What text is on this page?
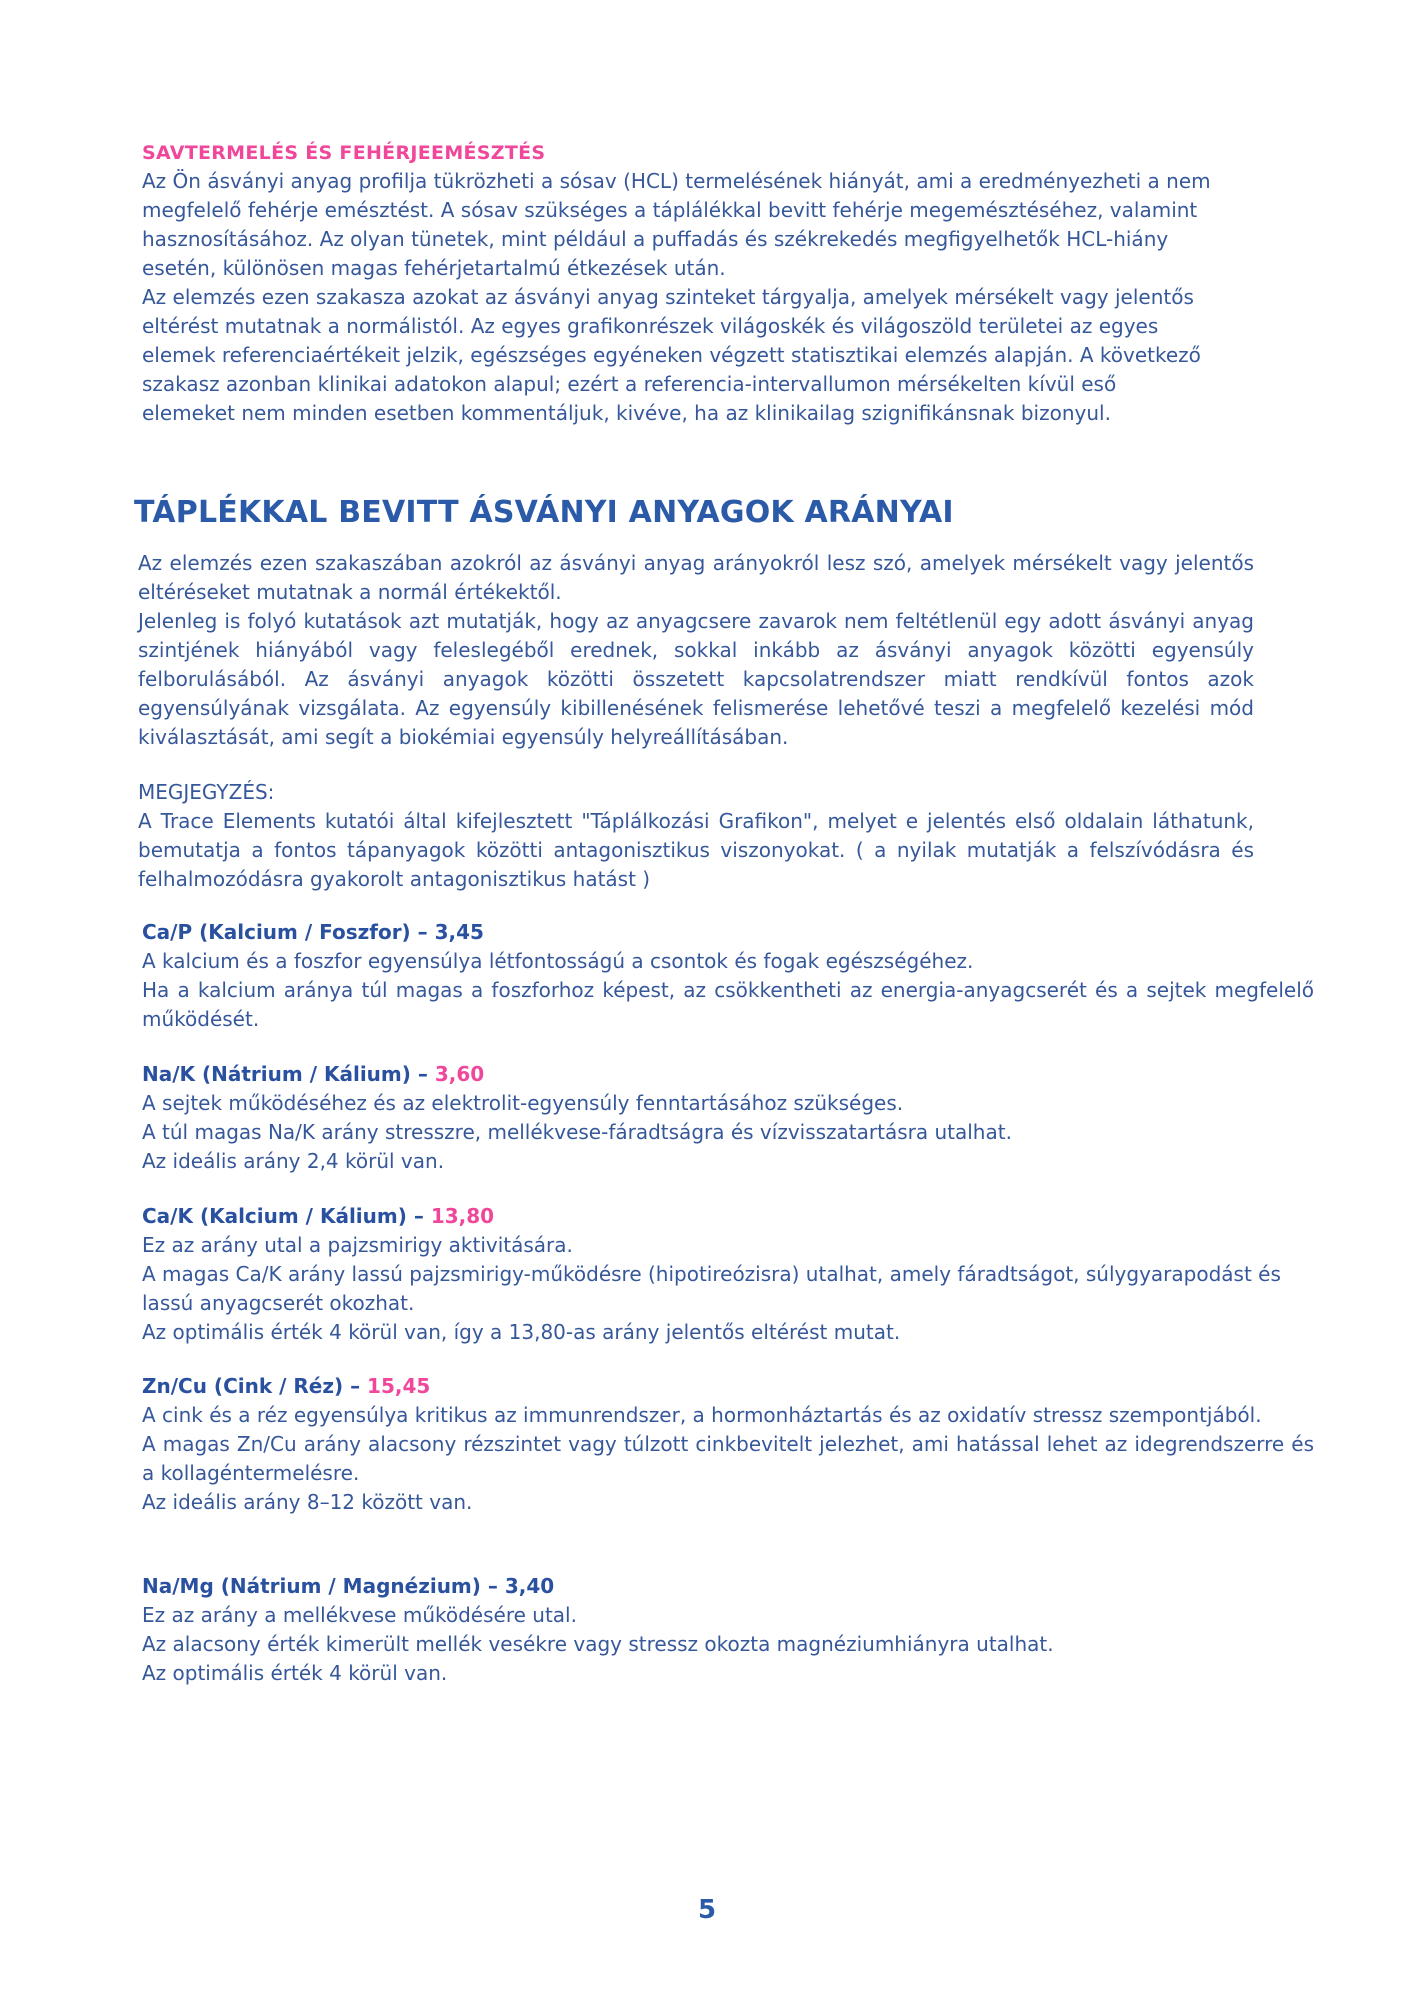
SAVTERMELÉS ÉS FEHÉRJEEMÉSZTÉS

Az Ön ásványi anyag profilja tükrözheti a sósav (HCL) termelésének hiányát, ami a eredményezheti a nem

megfelelő fehérje emésztést. A sósav szükséges a táplálékkal bevitt fehérje megemésztéséhez, valamint

hasznosításához. Az olyan tünetek, mint például a puffadás és székrekedés megfigyelhetők HCL-hiány

esetén, különösen magas fehérjetartalmú étkezések után.

Az elemzés ezen szakasza azokat az ásványi anyag szinteket tárgyalja, amelyek mérsékelt vagy jelentős

eltérést mutatnak a normálistól. Az egyes grafikonrészek világoskék és világoszöld területei az egyes

elemek referenciaértékeit jelzik, egészséges egyéneken végzett statisztikai elemzés alapján. A következő

szakasz azonban klinikai adatokon alapul; ezért a referencia-intervallumon mérsékelten kívül eső

elemeket nem minden esetben kommentáljuk, kivéve, ha az klinikailag szignifikánsnak bizonyul.

TÁPLÉKKAL BEVITT ÁSVÁNYI ANYAGOK ARÁNYAI

Az elemzés ezen szakaszában azokról az ásványi anyag arányokról lesz szó, amelyek mérsékelt vagy jelentős eltéréseket mutatnak a normál értékektől.

Jelenleg is folyó kutatások azt mutatják, hogy az anyagcsere zavarok nem feltétlenül egy adott ásványi anyag szintjének hiányából vagy feleslegéből erednek, sokkal inkább az ásványi anyagok közötti egyensúly felborulásából. Az ásványi anyagok közötti összetett kapcsolatrendszer miatt rendkívül fontos azok egyensúlyának vizsgálata. Az egyensúly kibillenésének felismerése lehetővé teszi a megfelelő kezelési mód kiválasztását, ami segít a biokémiai egyensúly helyreállításában.

MEGJEGYZÉS:

A Trace Elements kutatói által kifejlesztett "Táplálkozási Grafikon", melyet e jelentés első oldalain láthatunk, bemutatja a fontos tápanyagok közötti antagonisztikus viszonyokat. ( a nyilak mutatják a felszívódásra és felhalmozódásra gyakorolt antagonisztikus hatást )

Ca/P (Kalcium / Foszfor) – 3,45

A kalcium és a foszfor egyensúlya létfontosságú a csontok és fogak egészségéhez.

Ha a kalcium aránya túl magas a foszforhoz képest, az csökkentheti az energia-anyagcserét és a sejtek megfelelő működését.

Na/K (Nátrium / Kálium) – 3,60

A sejtek működéséhez és az elektrolit-egyensúly fenntartásához szükséges.

A túl magas Na/K arány stresszre, mellékvese-fáradtságra és vízvisszatartásra utalhat.

Az ideális arány 2,4 körül van.

Ca/K (Kalcium / Kálium) – 13,80

Ez az arány utal a pajzsmirigy aktivitására.

A magas Ca/K arány lassú pajzsmirigy-működésre (hipotireózisra) utalhat, amely fáradtságot, súlygyarapodást és lassú anyagcserét okozhat.

Az optimális érték 4 körül van, így a 13,80-as arány jelentős eltérést mutat.

Zn/Cu (Cink / Réz) – 15,45

A cink és a réz egyensúlya kritikus az immunrendszer, a hormonháztartás és az oxidatív stressz szempontjából.

A magas Zn/Cu arány alacsony rézszintet vagy túlzott cinkbevitelt jelezhet, ami hatással lehet az idegrendszerre és a kollagéntermelésre.

Az ideális arány 8–12 között van.

Na/Mg (Nátrium / Magnézium) – 3,40

Ez az arány a mellékvese működésére utal.

Az alacsony érték kimerült mellék vesékre vagy stressz okozta magnéziumhiányra utalhat.

Az optimális érték 4 körül van.

5
